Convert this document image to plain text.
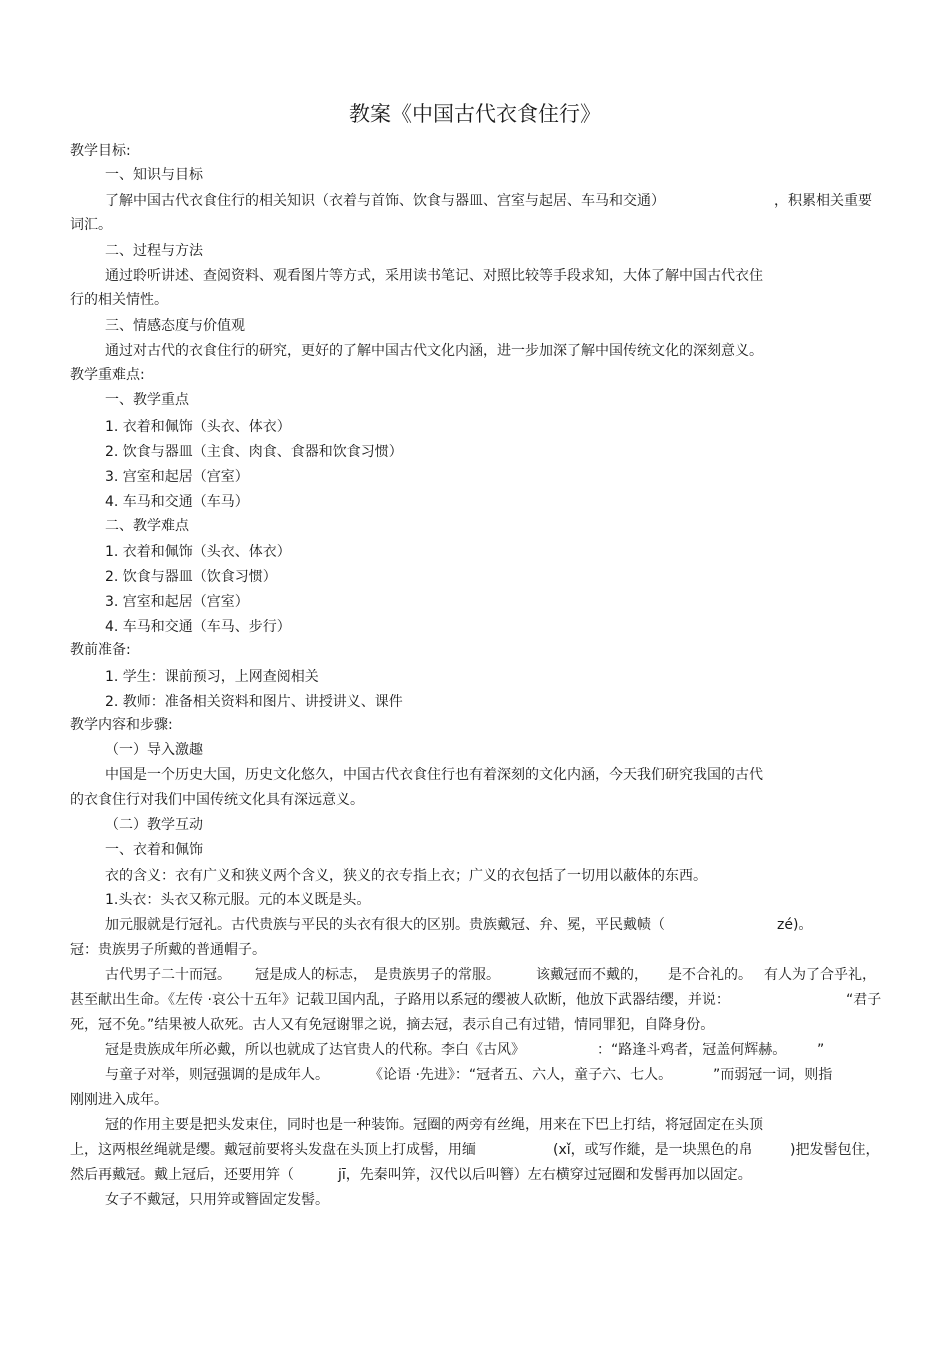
教案《中国古代衣食住行》
教学目标:
一、知识与目标
了解中国古代衣食住行的相关知识（衣着与首饰、饮食与器皿、宫室与起居、车马和交通）	，积累相关重要
词汇。
二、过程与方法
通过聆听讲述、查阅资料、观看图片等方式，采用读书笔记、对照比较等手段求知，大体了解中国古代衣住
行的相关情性。
三、情感态度与价值观
通过对古代的衣食住行的研究，更好的了解中国古代文化内涵，进一步加深了解中国传统文化的深刻意义。
教学重难点:
一、教学重点
1. 衣着和佩饰（头衣、体衣）
2. 饮食与器皿（主食、肉食、食器和饮食习惯）
3. 宫室和起居（宫室）
4. 车马和交通（车马）
二、教学难点
1. 衣着和佩饰（头衣、体衣）
2. 饮食与器皿（饮食习惯）
3. 宫室和起居（宫室）
4. 车马和交通（车马、步行）
教前准备:
1. 学生：课前预习，上网查阅相关
2. 教师：准备相关资料和图片、讲授讲义、课件
教学内容和步骤:
（一）导入激趣
中国是一个历史大国，历史文化悠久，中国古代衣食住行也有着深刻的文化内涵，今天我们研究我国的古代
的衣食住行对我们中国传统文化具有深远意义。
（二）教学互动
一、衣着和佩饰
衣的含义：衣有广义和狭义两个含义，狭义的衣专指上衣；广义的衣包括了一切用以蔽体的东西。
1.头衣：头衣又称元服。元的本义既是头。
加元服就是行冠礼。古代贵族与平民的头衣有很大的区别。贵族戴冠、弁、冕，平民戴帻（	zé)。
冠：贵族男子所戴的普通帽子。
古代男子二十而冠。 冠是成人的标志， 是贵族男子的常服。	该戴冠而不戴的， 是不合礼的。 有人为了合乎礼，
甚至献出生命。《左传 ·哀公十五年》记载卫国内乱，子路用以系冠的缨被人砍断，他放下武器结缨，并说：	“君子
死，冠不免。”结果被人砍死。古人又有免冠谢罪之说，摘去冠，表示自己有过错，情同罪犯，自降身份。
冠是贵族成年所必戴，所以也就成了达官贵人的代称。李白《古风》	：“路逢斗鸡者，冠盖何辉赫。 ”
与童子对举，则冠强调的是成年人。	《论语 ·先进》：“冠者五、六人，童子六、七人。	”而弱冠一词，则指
刚刚进入成年。
冠的作用主要是把头发束住，同时也是一种装饰。冠圈的两旁有丝绳，用来在下巴上打结，将冠固定在头顶
上，这两根丝绳就是缨。戴冠前要将头发盘在头顶上打成髻，用缅	(xǐ，或写作縰，是一块黑色的帛	)把发髻包住，
然后再戴冠。戴上冠后，还要用笄（	jī，先秦叫笄，汉代以后叫簪）左右横穿过冠圈和发髻再加以固定。
女子不戴冠，只用笄或簪固定发髻。
